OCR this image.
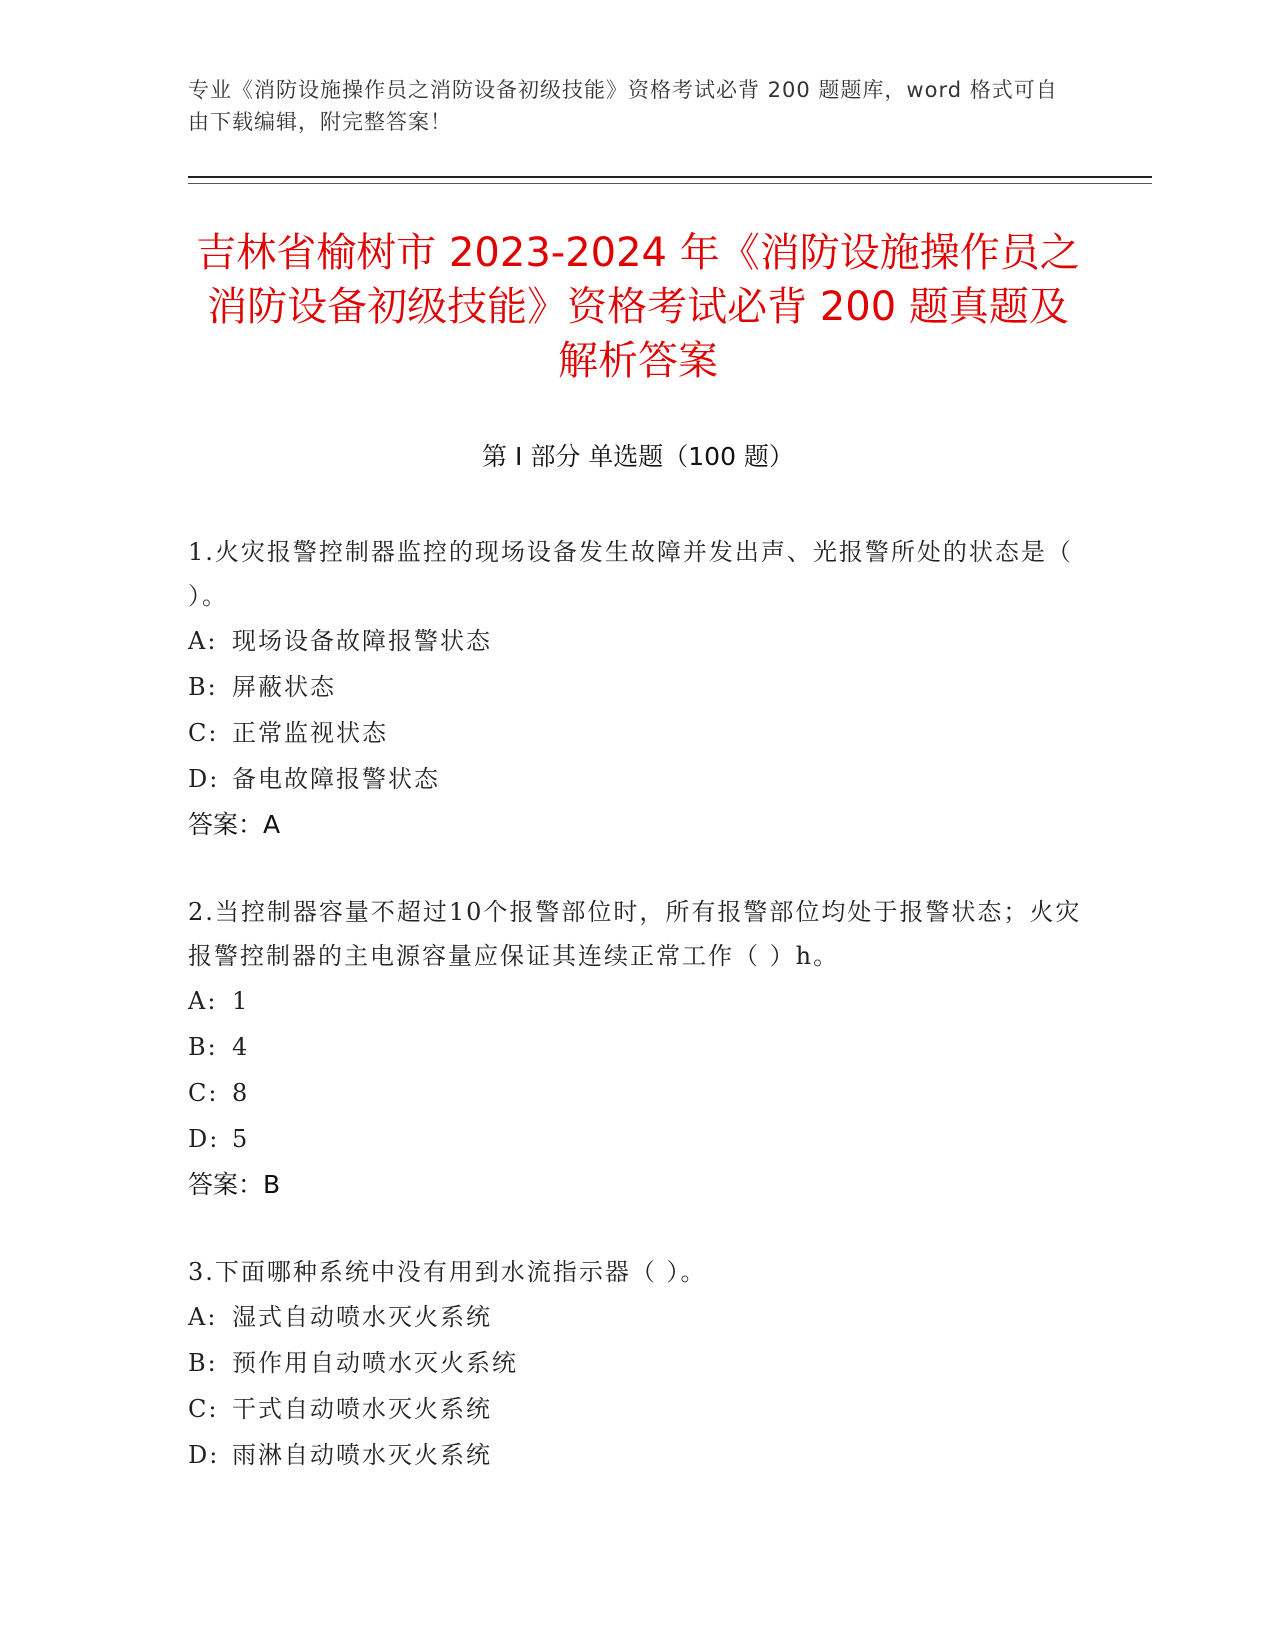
专业《消防设施操作员之消防设备初级技能》资格考试必背 200 题题库，word 格式可自由下载编辑，附完整答案！
吉林省榆树市 2023-2024 年《消防设施操作员之消防设备初级技能》资格考试必背 200 题真题及解析答案
第 I 部分 单选题（100 题）
1.火灾报警控制器监控的现场设备发生故障并发出声、光报警所处的状态是（ ）。
A: 现场设备故障报警状态
B: 屏蔽状态
C: 正常监视状态
D: 备电故障报警状态
答案：A
2.当控制器容量不超过10个报警部位时，所有报警部位均处于报警状态；火灾报警控制器的主电源容量应保证其连续正常工作（ ）h。
A: 1
B: 4
C: 8
D: 5
答案：B
3.下面哪种系统中没有用到水流指示器（ ）。
A: 湿式自动喷水灭火系统
B: 预作用自动喷水灭火系统
C: 干式自动喷水灭火系统
D: 雨淋自动喷水灭火系统
